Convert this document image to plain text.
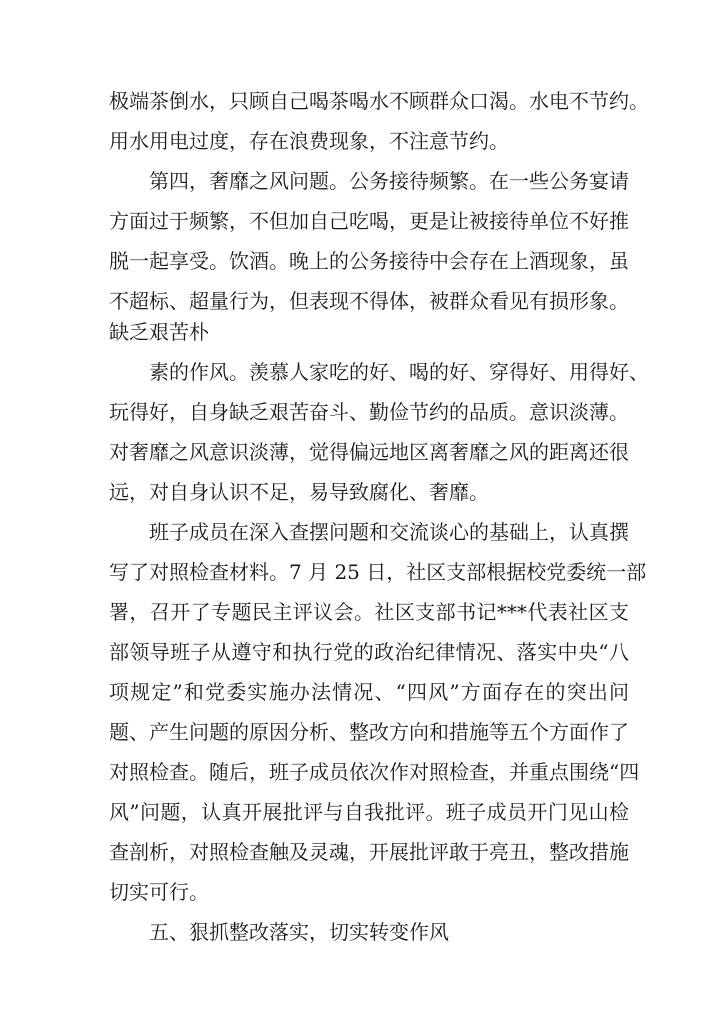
极端茶倒水，只顾自己喝茶喝水不顾群众口渴。水电不节约。
用水用电过度，存在浪费现象，不注意节约。
第四，奢靡之风问题。公务接待频繁。在一些公务宴请
方面过于频繁，不但加自己吃喝，更是让被接待单位不好推
脱一起享受。饮酒。晚上的公务接待中会存在上酒现象，虽
不超标、超量行为，但表现不得体，被群众看见有损形象。
缺乏艰苦朴
素的作风。羡慕人家吃的好、喝的好、穿得好、用得好、
玩得好，自身缺乏艰苦奋斗、勤俭节约的品质。意识淡薄。
对奢靡之风意识淡薄，觉得偏远地区离奢靡之风的距离还很
远，对自身认识不足，易导致腐化、奢靡。
班子成员在深入查摆问题和交流谈心的基础上，认真撰
写了对照检查材料。7 月 25 日，社区支部根据校党委统一部
署，召开了专题民主评议会。社区支部书记***代表社区支
部领导班子从遵守和执行党的政治纪律情况、落实中央“八
项规定”和党委实施办法情况、“四风”方面存在的突出问
题、产生问题的原因分析、整改方向和措施等五个方面作了
对照检查。随后，班子成员依次作对照检查，并重点围绕“四
风”问题，认真开展批评与自我批评。班子成员开门见山检
查剖析，对照检查触及灵魂，开展批评敢于亮丑，整改措施
切实可行。
五、狠抓整改落实，切实转变作风
